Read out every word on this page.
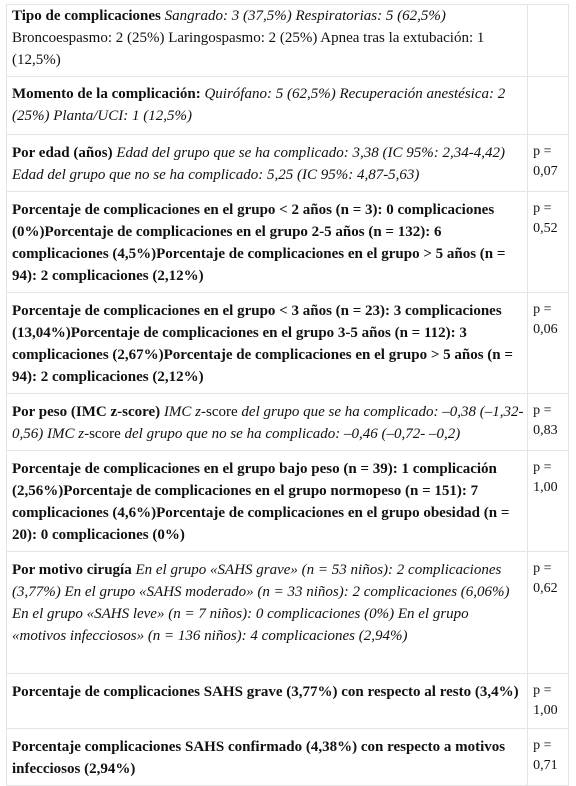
Tipo de complicaciones Sangrado: 3 (37,5%) Respiratorias: 5 (62,5%) Broncoespasmo: 2 (25%) Laringospasmo: 2 (25%) Apnea tras la extubación: 1 (12,5%)	
Momento de la complicación: Quirófano: 5 (62,5%) Recuperación anestésica: 2 (25%) Planta/UCI: 1 (12,5%)	
Por edad (años) Edad del grupo que se ha complicado: 3,38 (IC 95%: 2,34-4,42) Edad del grupo que no se ha complicado: 5,25 (IC 95%: 4,87-5,63)	p = 0,07
Porcentaje de complicaciones en el grupo < 2 años (n = 3): 0 complicaciones (0%)Porcentaje de complicaciones en el grupo 2-5 años (n = 132): 6 complicaciones (4,5%)Porcentaje de complicaciones en el grupo > 5 años (n = 94): 2 complicaciones (2,12%)	p = 0,52
Porcentaje de complicaciones en el grupo < 3 años (n = 23): 3 complicaciones (13,04%)Porcentaje de complicaciones en el grupo 3-5 años (n = 112): 3 complicaciones (2,67%)Porcentaje de complicaciones en el grupo > 5 años (n = 94): 2 complicaciones (2,12%)	p = 0,06
Por peso (IMC z-score) IMC z-score del grupo que se ha complicado: –0,38 (–1,32-0,56) IMC z-score del grupo que no se ha complicado: –0,46 (–0,72- –0,2)	p = 0,83
Porcentaje de complicaciones en el grupo bajo peso (n = 39): 1 complicación (2,56%)Porcentaje de complicaciones en el grupo normopeso (n = 151): 7 complicaciones (4,6%)Porcentaje de complicaciones en el grupo obesidad (n = 20): 0 complicaciones (0%)	p = 1,00
Por motivo cirugía En el grupo «SAHS grave» (n = 53 niños): 2 complicaciones (3,77%) En el grupo «SAHS moderado» (n = 33 niños): 2 complicaciones (6,06%) En el grupo «SAHS leve» (n = 7 niños): 0 complicaciones (0%) En el grupo «motivos infecciosos» (n = 136 niños): 4 complicaciones (2,94%)	p = 0,62
Porcentaje de complicaciones SAHS grave (3,77%) con respecto al resto (3,4%)	p = 1,00
Porcentaje complicaciones SAHS confirmado (4,38%) con respecto a motivos infecciosos (2,94%)	p = 0,71
